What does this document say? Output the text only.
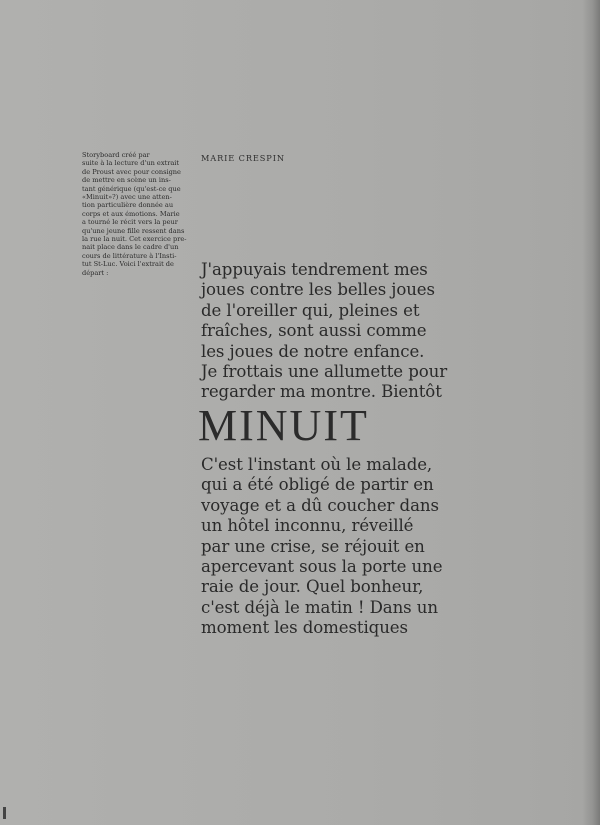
Storyboard créé par
suite à la lecture d'un extrait
de Proust avec pour consigne
de mettre en scène un ins-
tant générique (qu'est-ce que
«Minuit»?) avec une atten-
tion particulière donnée au
corps et aux émotions. Marie
a tourné le récit vers la peur
qu'une jeune fille ressent dans
la rue la nuit. Cet exercice pre-
nait place dans le cadre d'un
cours de littérature à l'Insti-
tut St-Luc. Voici l'extrait de
départ :
MARIE CRESPIN
J'appuyais tendrement mes
joues contre les belles joues
de l'oreiller qui, pleines et
fraîches, sont aussi comme
les joues de notre enfance.
Je frottais une allumette pour
regarder ma montre. Bientôt
MINUIT
C'est l'instant où le malade,
qui a été obligé de partir en
voyage et a dû coucher dans
un hôtel inconnu, réveillé
par une crise, se réjouit en
apercevant sous la porte une
raie de jour. Quel bonheur,
c'est déjà le matin ! Dans un
moment les domestiques
